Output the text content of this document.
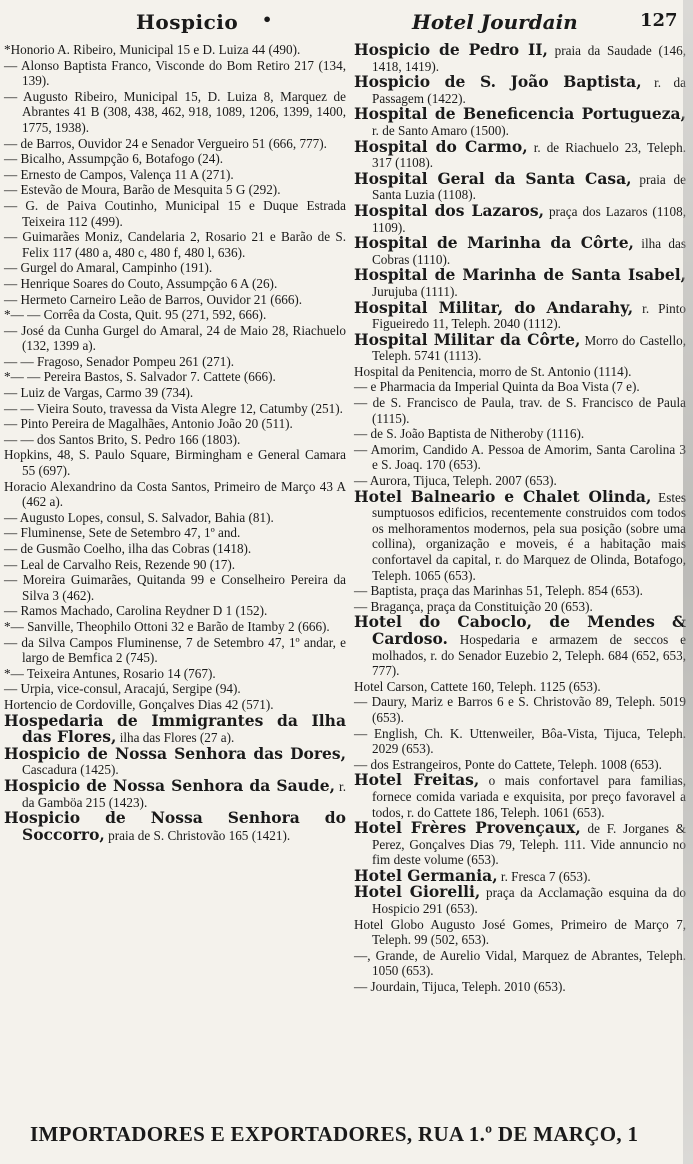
Hospicio •	Hotel Jourdain	127

*Honorio A. Ribeiro, Municipal 15 e D. Luiza 44 (490).

— Alonso Baptista Franco, Visconde do Bom Retiro 217 (134, 139).

— Augusto Ribeiro, Municipal 15, D. Luiza 8, Marquez de Abrantes 41 B (308, 438, 462, 918, 1089, 1206, 1399, 1400, 1775, 1938).

— de Barros, Ouvidor 24 e Senador Vergueiro 51 (666, 777).

— Bicalho, Assumpção 6, Botafogo (24).

— Ernesto de Campos, Valença 11 A (271).

— Estevão de Moura, Barão de Mesquita 5 G (292).

— G. de Paiva Coutinho, Municipal 15 e Duque Estrada Teixeira 112 (499).

— Guimarães Moniz, Candelaria 2, Rosario 21 e Barão de S. Felix 117 (480 a, 480 c, 480 f, 480 l, 636).

— Gurgel do Amaral, Campinho (191).

— Henrique Soares do Couto, Assumpção 6 A (26).

— Hermeto Carneiro Leão de Barros, Ouvidor 21 (666).

*— — Corrêa da Costa, Quit. 95 (271, 592, 666).

— José da Cunha Gurgel do Amaral, 24 de Maio 28, Riachuelo (132, 1399 a).

— — Fragoso, Senador Pompeu 261 (271).

*— — Pereira Bastos, S. Salvador 7. Cattete (666).

— Luiz de Vargas, Carmo 39 (734).

— — Vieira Souto, travessa da Vista Alegre 12, Catumby (251).

— Pinto Pereira de Magalhães, Antonio João 20 (511).

— — dos Santos Brito, S. Pedro 166 (1803).

Hopkins, 48, S. Paulo Square, Birmingham e General Camara 55 (697).

Horacio Alexandrino da Costa Santos, Primeiro de Março 43 A (462 a).

— Augusto Lopes, consul, S. Salvador, Bahia (81).

— Fluminense, Sete de Setembro 47, 1º and.

— de Gusmão Coelho, ilha das Cobras (1418).

— Leal de Carvalho Reis, Rezende 90 (17).

— Moreira Guimarães, Quitanda 99 e Conselheiro Pereira da Silva 3 (462).

— Ramos Machado, Carolina Reydner D 1 (152).

*— Sanville, Theophilo Ottoni 32 e Barão de Itamby 2 (666).

— da Silva Campos Fluminense, 7 de Setembro 47, 1º andar, e largo de Bemfica 2 (745).

*— Teixeira Antunes, Rosario 14 (767).

— Urpia, vice-consul, Aracajú, Sergipe (94).

Hortencio de Cordoville, Gonçalves Dias 42 (571).

Hospedaria de Immigrantes da Ilha das Flores, ilha das Flores (27 a).

Hospicio de Nossa Senhora das Dores, Cascadura (1425).

Hospicio de Nossa Senhora da Saude, r. da Gamböa 215 (1423).

Hospicio de Nossa Senhora do Soccorro, praia de S. Christovão 165 (1421).

Hospicio de Pedro II, praia da Saudade (146, 1418, 1419).

Hospicio de S. João Baptista, r. da Passagem (1422).

Hospital de Beneficencia Portugueza, r. de Santo Amaro (1500).

Hospital do Carmo, r. de Riachuelo 23, Teleph. 317 (1108).

Hospital Geral da Santa Casa, praia de Santa Luzia (1108).

Hospital dos Lazaros, praça dos Lazaros (1108, 1109).

Hospital de Marinha da Côrte, ilha das Cobras (1110).

Hospital de Marinha de Santa Isabel, Jurujuba (1111).

Hospital Militar, do Andarahy, r. Pinto Figueiredo 11, Teleph. 2040 (1112).

Hospital Militar da Côrte, Morro do Castello, Teleph. 5741 (1113).

Hospital da Penitencia, morro de St. Antonio (1114).

— e Pharmacia da Imperial Quinta da Boa Vista (7 e).

— de S. Francisco de Paula, trav. de S. Francisco de Paula (1115).

— de S. João Baptista de Nitheroby (1116).

— Amorim, Candido A. Pessoa de Amorim, Santa Carolina 3 e S. Joaq. 170 (653).

— Aurora, Tijuca, Teleph. 2007 (653).

Hotel Balneario e Chalet Olinda, Estes sumptuosos edificios, recentemente construidos com todos os melhoramentos modernos, pela sua posição (sobre uma collina), organização e moveis, é a habitação mais confortavel da capital, r. do Marquez de Olinda, Botafogo, Teleph. 1065 (653).

— Baptista, praça das Marinhas 51, Teleph. 854 (653).

— Bragança, praça da Constituição 20 (653).

Hotel do Caboclo, de Mendes & Cardoso. Hospedaria e armazem de seccos e molhados, r. do Senador Euzebio 2, Teleph. 684 (652, 653, 777).

Hotel Carson, Cattete 160, Teleph. 1125 (653).

— Daury, Mariz e Barros 6 e S. Christovão 89, Teleph. 5019 (653).

— English, Ch. K. Uttenweiler, Bôa-Vista, Tijuca, Teleph. 2029 (653).

— dos Estrangeiros, Ponte do Cattete, Teleph. 1008 (653).

Hotel Freitas, o mais confortavel para familias, fornece comida variada e exquisita, por preço favoravel a todos, r. do Cattete 186, Teleph. 1061 (653).

Hotel Frères Provençaux, de F. Jorganes & Perez, Gonçalves Dias 79, Teleph. 111. Vide annuncio no fim deste volume (653).

Hotel Germania, r. Fresca 7 (653).

Hotel Giorelli, praça da Acclamação esquina da do Hospicio 291 (653).

Hotel Globo Augusto José Gomes, Primeiro de Março 7, Teleph. 99 (502, 653).

—, Grande, de Aurelio Vidal, Marquez de Abrantes, Teleph. 1050 (653).

— Jourdain, Tijuca, Teleph. 2010 (653).

IMPORTADORES E EXPORTADORES, RUA 1.º DE MARÇO, 1
